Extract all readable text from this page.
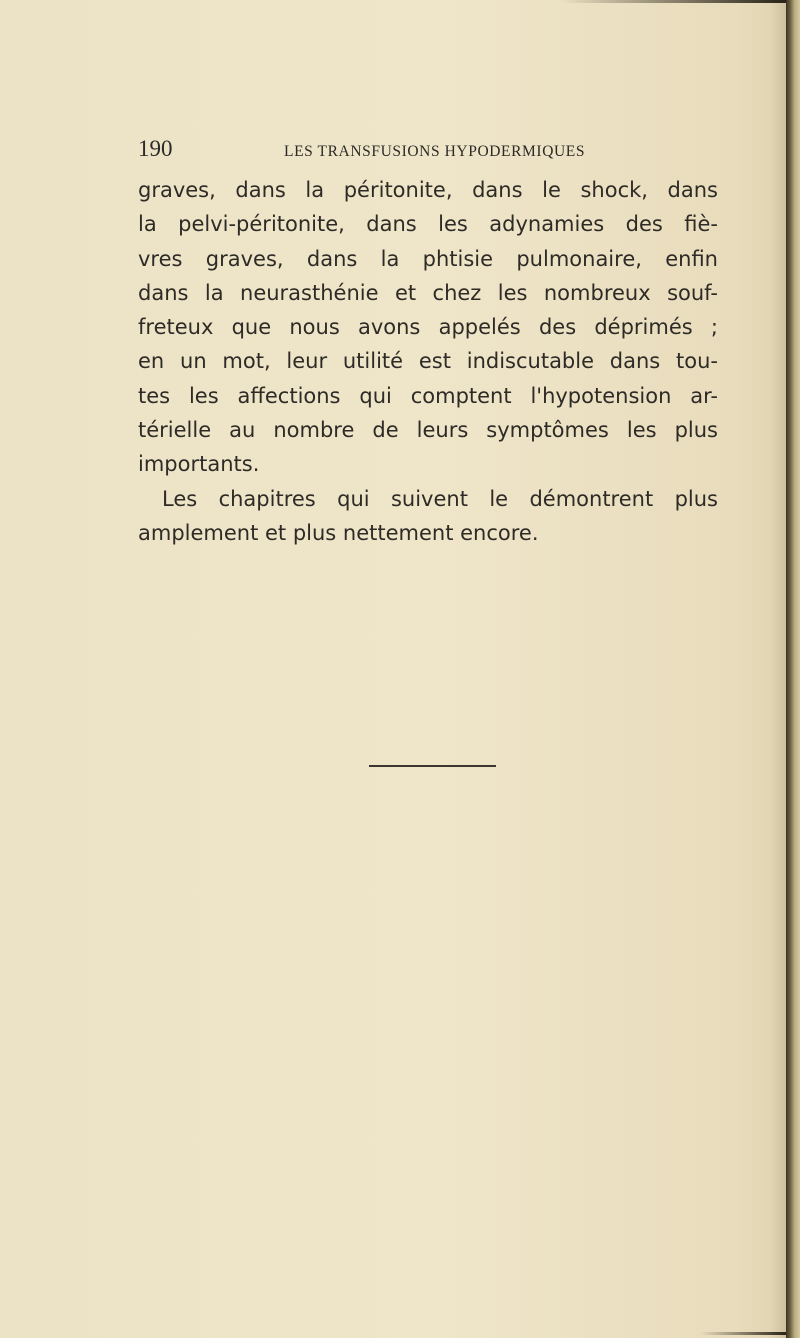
190	LES TRANSFUSIONS HYPODERMIQUES
graves, dans la péritonite, dans le shock, dans
la pelvi-péritonite, dans les adynamies des fiè-
vres graves, dans la phtisie pulmonaire, enfin
dans la neurasthénie et chez les nombreux souf-
freteux que nous avons appelés des déprimés ;
en un mot, leur utilité est indiscutable dans tou-
tes les affections qui comptent l'hypotension ar-
térielle au nombre de leurs symptômes les plus
importants.
Les chapitres qui suivent le démontrent plus
amplement et plus nettement encore.
